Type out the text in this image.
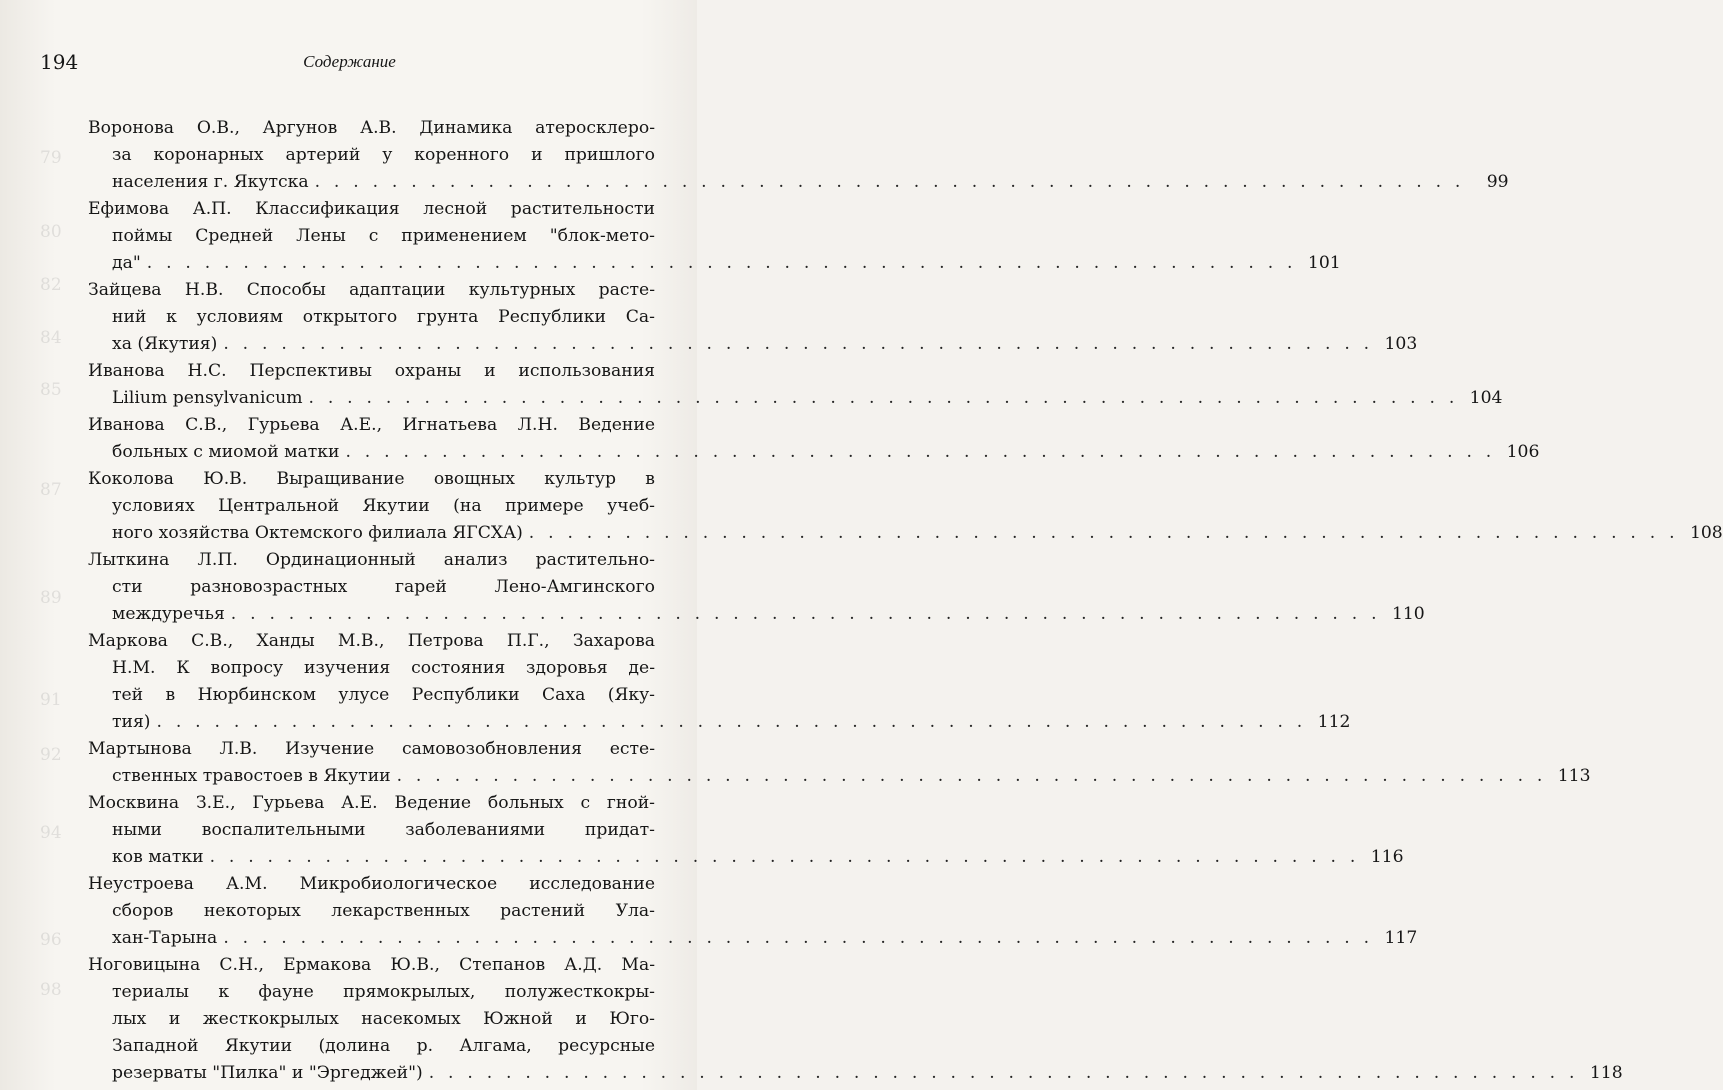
79
80
82
84
85
87
89
91
92
94
96
98
194	Содержание

Воронова О.В., Аргунов А.В. Динамика атеросклеро-
за коронарных артерий у коренного и пришлого
населения г. Якутска . . . . . . . . . . . . . . . . . . . . . . . . . . . . . . . . . . . . . . . . . . . . . . . . . . . . . . . . . . . .	99

Ефимова А.П. Классификация лесной растительности
поймы Средней Лены с применением "блок-мето-
да" . . . . . . . . . . . . . . . . . . . . . . . . . . . . . . . . . . . . . . . . . . . . . . . . . . . . . . . . . . . . 101

Зайцева Н.В. Способы адаптации культурных расте-
ний к условиям открытого грунта Республики Са-
ха (Якутия) . . . . . . . . . . . . . . . . . . . . . . . . . . . . . . . . . . . . . . . . . . . . . . . . . . . . . . . . . . . . 103

Иванова Н.С. Перспективы охраны и использования
Lilium pensylvanicum . . . . . . . . . . . . . . . . . . . . . . . . . . . . . . . . . . . . . . . . . . . . . . . . . . . . . . . . . . . . 104

Иванова С.В., Гурьева А.Е., Игнатьева Л.Н. Ведение
больных с миомой матки . . . . . . . . . . . . . . . . . . . . . . . . . . . . . . . . . . . . . . . . . . . . . . . . . . . . . . . . . . . . 106

Коколова Ю.В. Выращивание овощных культур в
условиях Центральной Якутии (на примере учеб-
ного хозяйства Октемского филиала ЯГСХА) . . . . . . . . . . . . . . . . . . . . . . . . . . . . . . . . . . . . . . . . . . . . . . . . . . . . . . . . . . . . 108

Лыткина Л.П. Ординационный анализ растительно-
сти разновозрастных гарей Лено-Амгинского
междуречья . . . . . . . . . . . . . . . . . . . . . . . . . . . . . . . . . . . . . . . . . . . . . . . . . . . . . . . . . . . . 110

Маркова С.В., Ханды М.В., Петрова П.Г., Захарова
Н.М. К вопросу изучения состояния здоровья де-
тей в Нюрбинском улусе Республики Саха (Яку-
тия) . . . . . . . . . . . . . . . . . . . . . . . . . . . . . . . . . . . . . . . . . . . . . . . . . . . . . . . . . . . . 112

Мартынова Л.В. Изучение самовозобновления есте-
ственных травостоев в Якутии . . . . . . . . . . . . . . . . . . . . . . . . . . . . . . . . . . . . . . . . . . . . . . . . . . . . . . . . . . . . 113

Москвина З.Е., Гурьева А.Е. Ведение больных с гной-
ными воспалительными заболеваниями придат-
ков матки . . . . . . . . . . . . . . . . . . . . . . . . . . . . . . . . . . . . . . . . . . . . . . . . . . . . . . . . . . . . 116

Неустроева А.М. Микробиологическое исследование
сборов некоторых лекарственных растений Ула-
хан-Тарына . . . . . . . . . . . . . . . . . . . . . . . . . . . . . . . . . . . . . . . . . . . . . . . . . . . . . . . . . . . . 117

Ноговицына С.Н., Ермакова Ю.В., Степанов А.Д. Ма-
териалы к фауне прямокрылых, полужесткокры-
лых и жесткокрылых насекомых Южной и Юго-
Западной Якутии (долина р. Алгама, ресурсные
резерваты "Пилка" и "Эргеджей") . . . . . . . . . . . . . . . . . . . . . . . . . . . . . . . . . . . . . . . . . . . . . . . . . . . . . . . . . . . . 118
